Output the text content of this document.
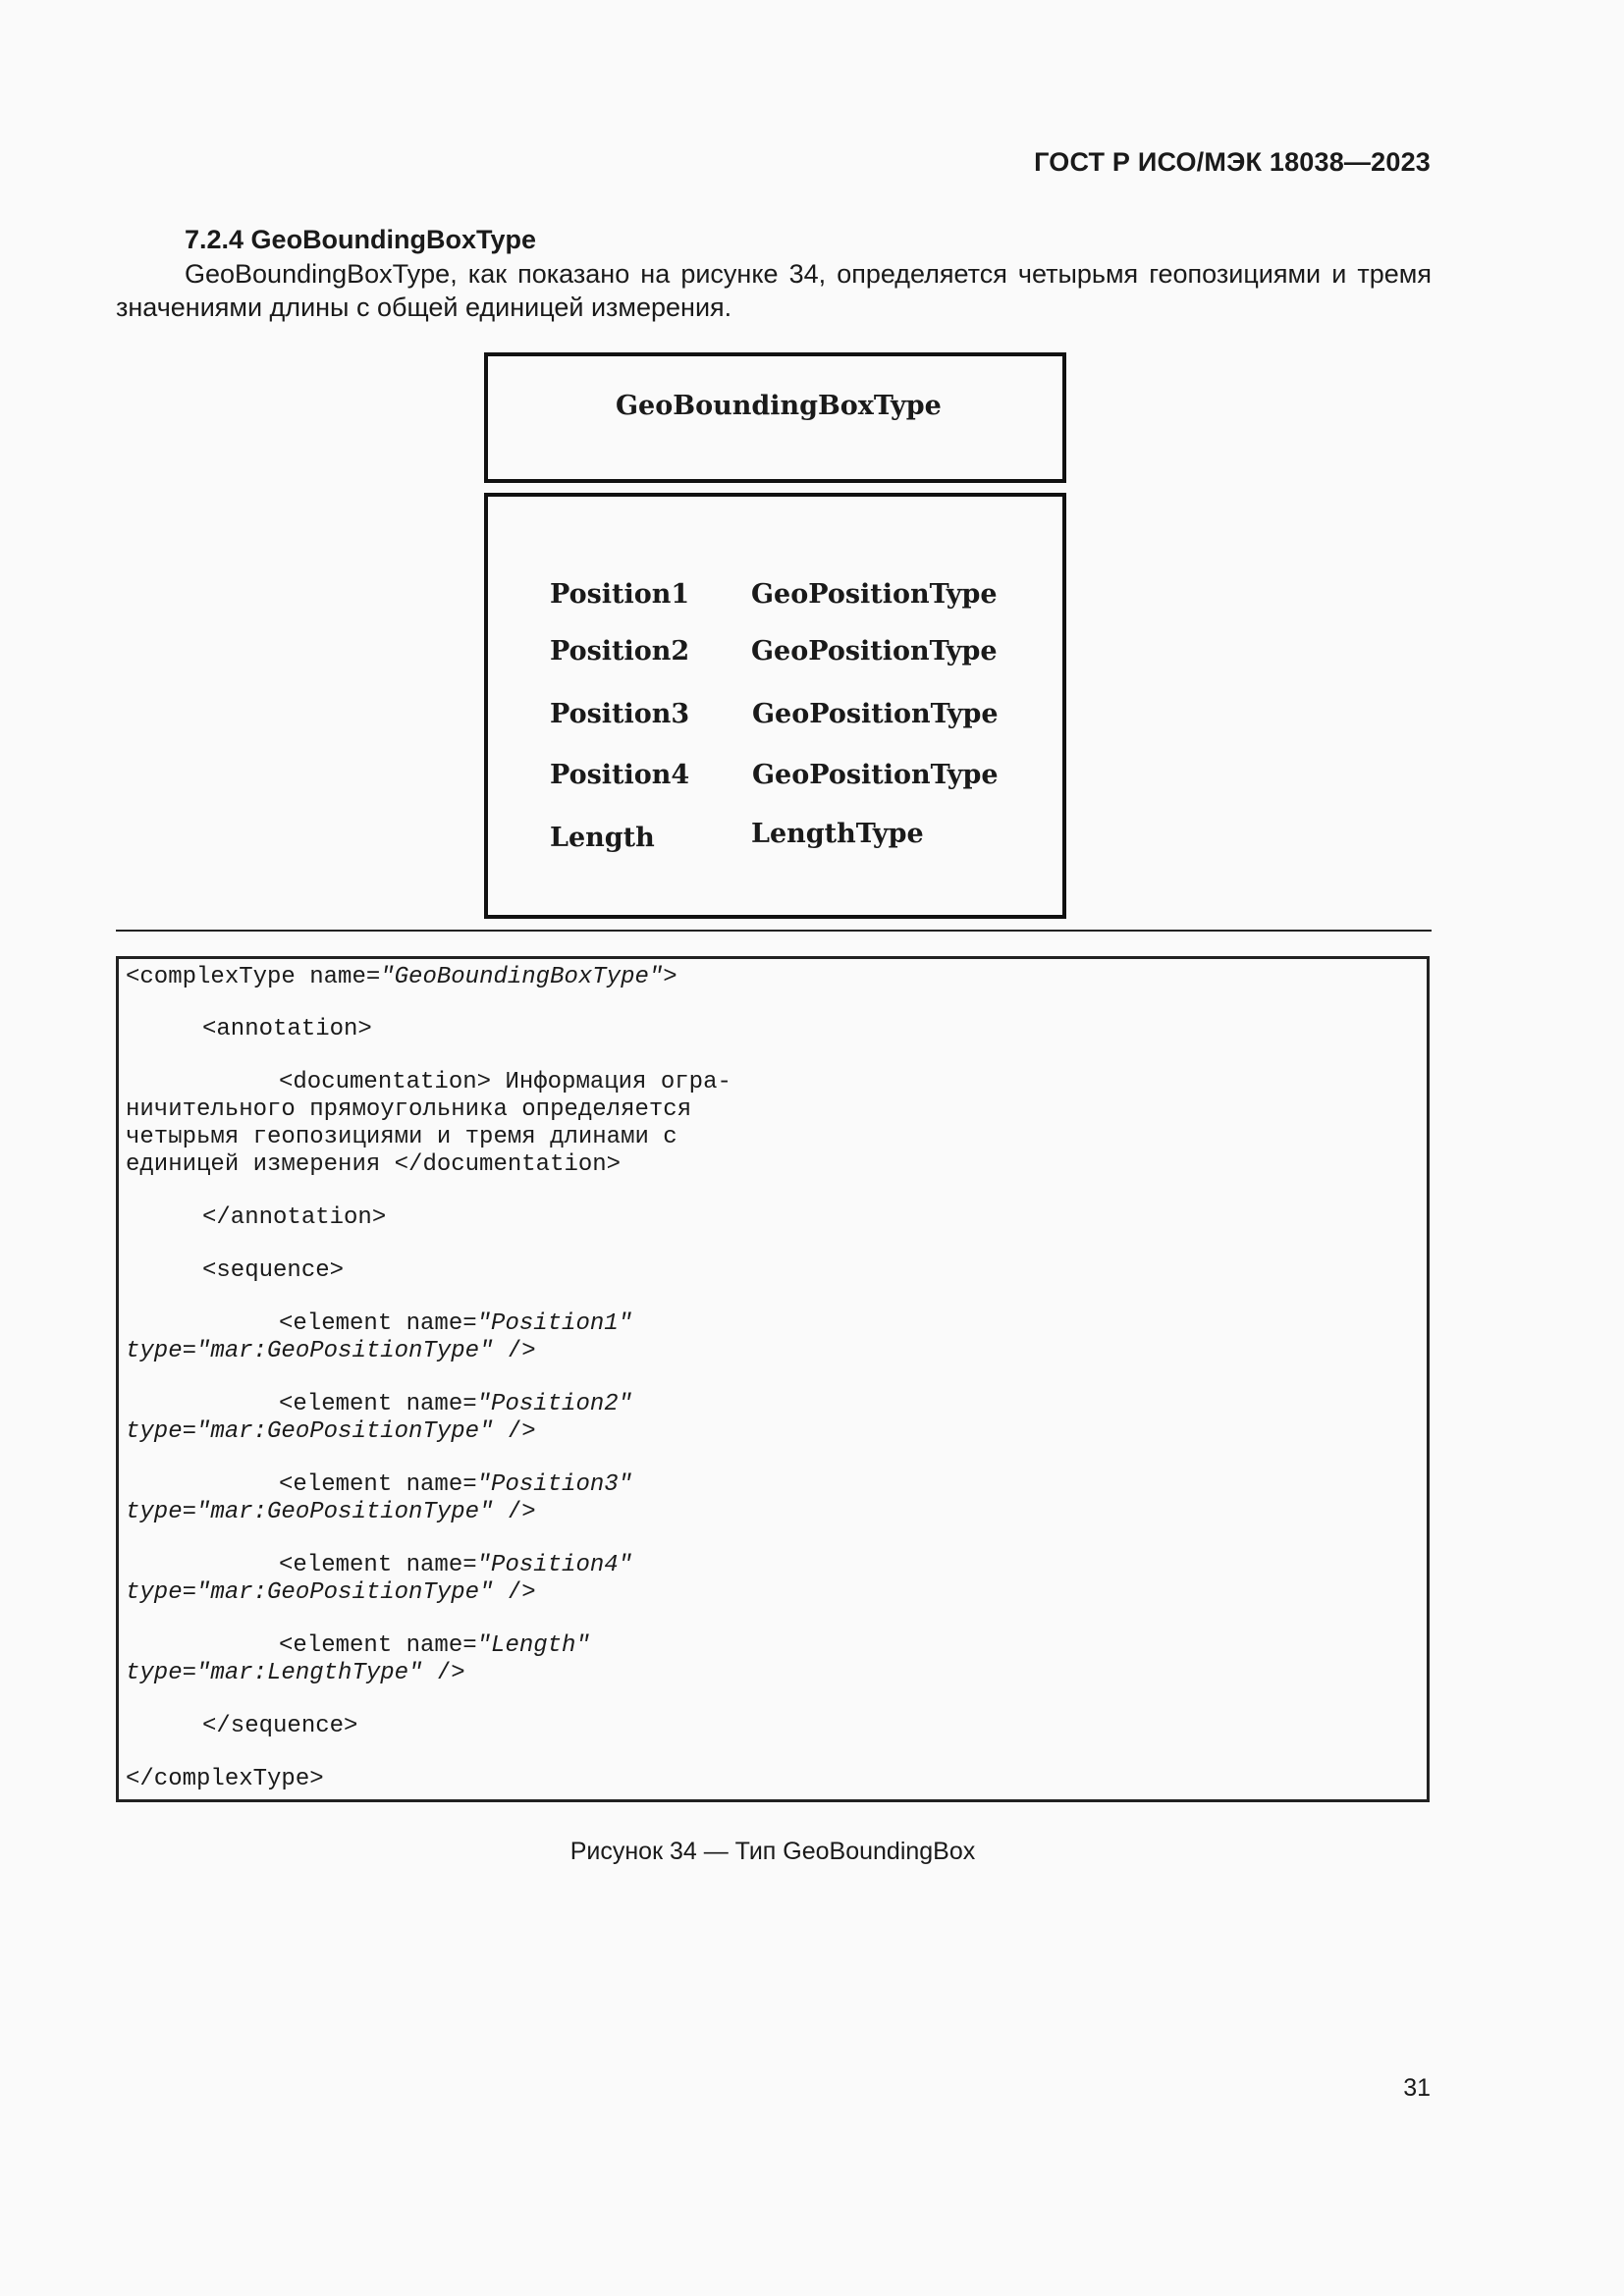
ГОСТ Р ИСО/МЭК 18038—2023
7.2.4 GeoBoundingBoxType
GeoBoundingBoxType, как показано на рисунке 34, определяется четырьмя геопозициями и тремя значениями длины с общей единицей измерения.
GeoBoundingBoxType
Position1 GeoPositionType
Position2 GeoPositionType
Position3 GeoPositionType
Position4 GeoPositionType
Length	LengthType
<complexType name="GeoBoundingBoxType">
<annotation>
<documentation> Информация огра-
ничительного прямоугольника определяется
четырьмя геопозициями и тремя длинами с
единицей измерения </documentation>
</annotation>
<sequence>
<element name="Position1"
type="mar:GeoPositionType" />
<element name="Position2"
type="mar:GeoPositionType" />
<element name="Position3"
type="mar:GeoPositionType" />
<element name="Position4"
type="mar:GeoPositionType" />
<element name="Length"
type="mar:LengthType" />
</sequence>
</complexType>
Рисунок 34 — Тип GeoBoundingBox
31
